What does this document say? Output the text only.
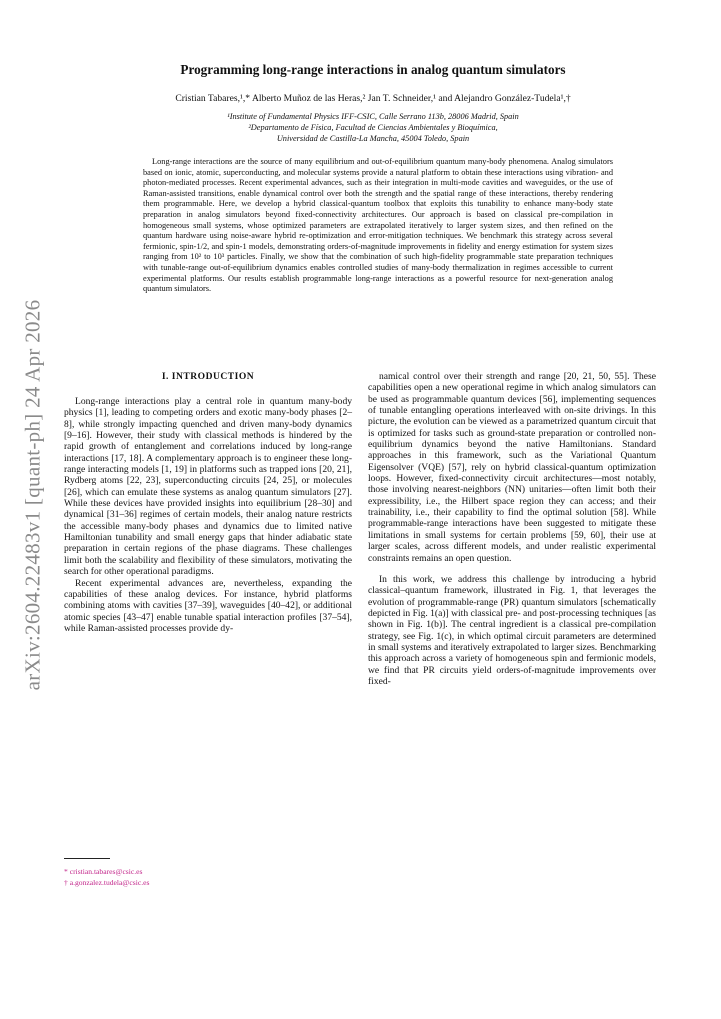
arXiv:2604.22483v1 [quant-ph] 24 Apr 2026
Programming long-range interactions in analog quantum simulators

Cristian Tabares,¹,* Alberto Muñoz de las Heras,² Jan T. Schneider,¹ and Alejandro González-Tudela¹,†

¹Institute of Fundamental Physics IFF-CSIC, Calle Serrano 113b, 28006 Madrid, Spain
²Departamento de Física, Facultad de Ciencias Ambientales y Bioquímica,
Universidad de Castilla-La Mancha, 45004 Toledo, Spain

Long-range interactions are the source of many equilibrium and out-of-equilibrium quantum many-body phenomena. Analog simulators based on ionic, atomic, superconducting, and molecular systems provide a natural platform to obtain these interactions using vibration- and photon-mediated processes. Recent experimental advances, such as their integration in multi-mode cavities and waveguides, or the use of Raman-assisted transitions, enable dynamical control over both the strength and the spatial range of these interactions, thereby rendering them programmable. Here, we develop a hybrid classical-quantum toolbox that exploits this tunability to enhance many-body state preparation in analog simulators beyond fixed-connectivity architectures. Our approach is based on classical pre-compilation in homogeneous small systems, whose optimized parameters are extrapolated iteratively to larger system sizes, and then refined on the quantum hardware using noise-aware hybrid re-optimization and error-mitigation techniques. We benchmark this strategy across several fermionic, spin-1/2, and spin-1 models, demonstrating orders-of-magnitude improvements in fidelity and energy estimation for system sizes ranging from 10² to 10³ particles. Finally, we show that the combination of such high-fidelity programmable state preparation techniques with tunable-range out-of-equilibrium dynamics enables controlled studies of many-body thermalization in regimes accessible to current experimental platforms. Our results establish programmable long-range interactions as a powerful resource for next-generation analog quantum simulators.

I. INTRODUCTION

Long-range interactions play a central role in quantum many-body physics [1], leading to competing orders and exotic many-body phases [2–8], while strongly impacting quenched and driven many-body dynamics [9–16]. However, their study with classical methods is hindered by the rapid growth of entanglement and correlations induced by long-range interactions [17, 18]. A complementary approach is to engineer these long-range interacting models [1, 19] in platforms such as trapped ions [20, 21], Rydberg atoms [22, 23], superconducting circuits [24, 25], or molecules [26], which can emulate these systems as analog quantum simulators [27]. While these devices have provided insights into equilibrium [28–30] and dynamical [31–36] regimes of certain models, their analog nature restricts the accessible many-body phases and dynamics due to limited native Hamiltonian tunability and small energy gaps that hinder adiabatic state preparation in certain regions of the phase diagrams. These challenges limit both the scalability and flexibility of these simulators, motivating the search for other operational paradigms.

Recent experimental advances are, nevertheless, expanding the capabilities of these analog devices. For instance, hybrid platforms combining atoms with cavities [37–39], waveguides [40–42], or additional atomic species [43–47] enable tunable spatial interaction profiles [37–54], while Raman-assisted processes provide dy-

namical control over their strength and range [20, 21, 50, 55]. These capabilities open a new operational regime in which analog simulators can be used as programmable quantum devices [56], implementing sequences of tunable entangling operations interleaved with on-site drivings. In this picture, the evolution can be viewed as a parametrized quantum circuit that is optimized for tasks such as ground-state preparation or controlled non-equilibrium dynamics beyond the native Hamiltonians. Standard approaches in this framework, such as the Variational Quantum Eigensolver (VQE) [57], rely on hybrid classical-quantum optimization loops. However, fixed-connectivity circuit architectures—most notably, those involving nearest-neighbors (NN) unitaries—often limit both their expressibility, i.e., the Hilbert space region they can access; and their trainability, i.e., their capability to find the optimal solution [58]. While programmable-range interactions have been suggested to mitigate these limitations in small systems for certain problems [59, 60], their use at larger scales, across different models, and under realistic experimental constraints remains an open question.

In this work, we address this challenge by introducing a hybrid classical–quantum framework, illustrated in Fig. 1, that leverages the evolution of programmable-range (PR) quantum simulators [schematically depicted in Fig. 1(a)] with classical pre- and post-processing techniques [as shown in Fig. 1(b)]. The central ingredient is a classical pre-compilation strategy, see Fig. 1(c), in which optimal circuit parameters are determined in small systems and iteratively extrapolated to larger sizes. Benchmarking this approach across a variety of homogeneous spin and fermionic models, we find that PR circuits yield orders-of-magnitude improvements over fixed-

* cristian.tabares@csic.es
† a.gonzalez.tudela@csic.es
